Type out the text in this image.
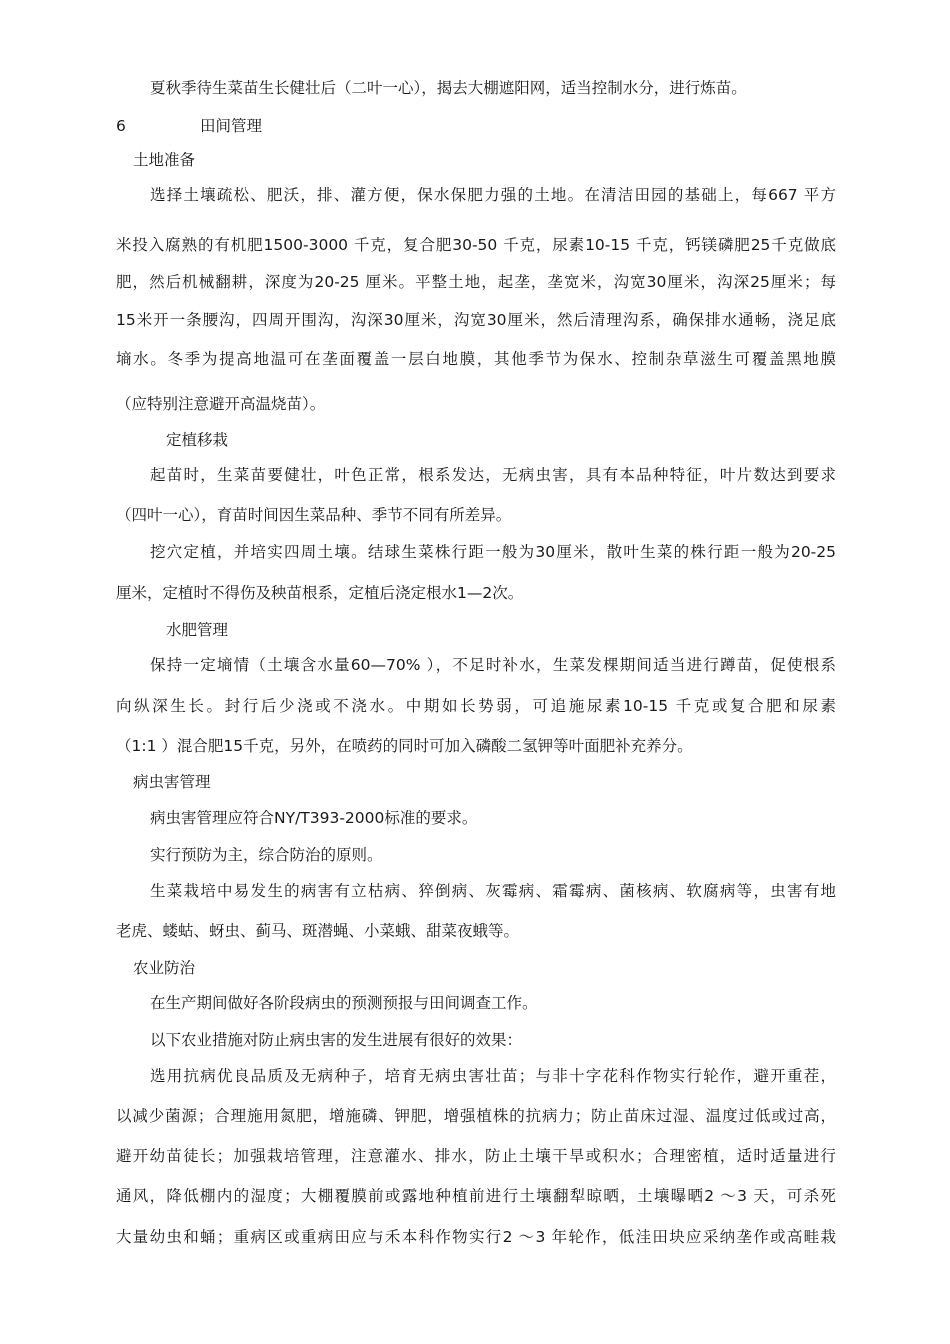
夏秋季待生菜苗生长健壮后（二叶一心），揭去大棚遮阳网，适当控制水分，进行炼苗。
6	田间管理
土地准备
选择土壤疏松、肥沃，排、灌方便，保水保肥力强的土地。在清洁田园的基础上，每667 平方
米投入腐熟的有机肥1500-3000 千克，复合肥30-50 千克，尿素10-15 千克，钙镁磷肥25千克做底
肥，然后机械翻耕，深度为20-25 厘米。平整土地，起垄，垄宽米，沟宽30厘米，沟深25厘米；每
15米开一条腰沟，四周开围沟，沟深30厘米，沟宽30厘米，然后清理沟系，确保排水通畅，浇足底
墒水。冬季为提高地温可在垄面覆盖一层白地膜，其他季节为保水、控制杂草滋生可覆盖黑地膜
（应特别注意避开高温烧苗）。
定植移栽
起苗时，生菜苗要健壮，叶色正常，根系发达，无病虫害，具有本品种特征，叶片数达到要求
（四叶一心），育苗时间因生菜品种、季节不同有所差异。
挖穴定植，并培实四周土壤。结球生菜株行距一般为30厘米，散叶生菜的株行距一般为20-25
厘米，定植时不得伤及秧苗根系，定植后浇定根水1—2次。
水肥管理
保持一定墒情（土壤含水量60—70% ），不足时补水，生菜发棵期间适当进行蹲苗，促使根系
向纵深生长。封行后少浇或不浇水。中期如长势弱，可追施尿素10-15 千克或复合肥和尿素
（1:1 ）混合肥15千克，另外，在喷药的同时可加入磷酸二氢钾等叶面肥补充养分。
病虫害管理
病虫害管理应符合NY/T393-2000标准的要求。
实行预防为主，综合防治的原则。
生菜栽培中易发生的病害有立枯病、猝倒病、灰霉病、霜霉病、菌核病、软腐病等，虫害有地
老虎、蝼蛄、蚜虫、蓟马、斑潜蝇、小菜蛾、甜菜夜蛾等。
农业防治
在生产期间做好各阶段病虫的预测预报与田间调查工作。
以下农业措施对防止病虫害的发生进展有很好的效果：
选用抗病优良品质及无病种子，培育无病虫害壮苗；与非十字花科作物实行轮作，避开重茬，
以减少菌源；合理施用氮肥，增施磷、钾肥，增强植株的抗病力；防止苗床过湿、温度过低或过高，
避开幼苗徒长；加强栽培管理，注意灌水、排水，防止土壤干旱或积水；合理密植，适时适量进行
通风，降低棚内的湿度；大棚覆膜前或露地种植前进行土壤翻犁晾晒，土壤曝晒2 ～3 天，可杀死
大量幼虫和蛹；重病区或重病田应与禾本科作物实行2 ～3 年轮作，低洼田块应采纳垄作或高畦栽
